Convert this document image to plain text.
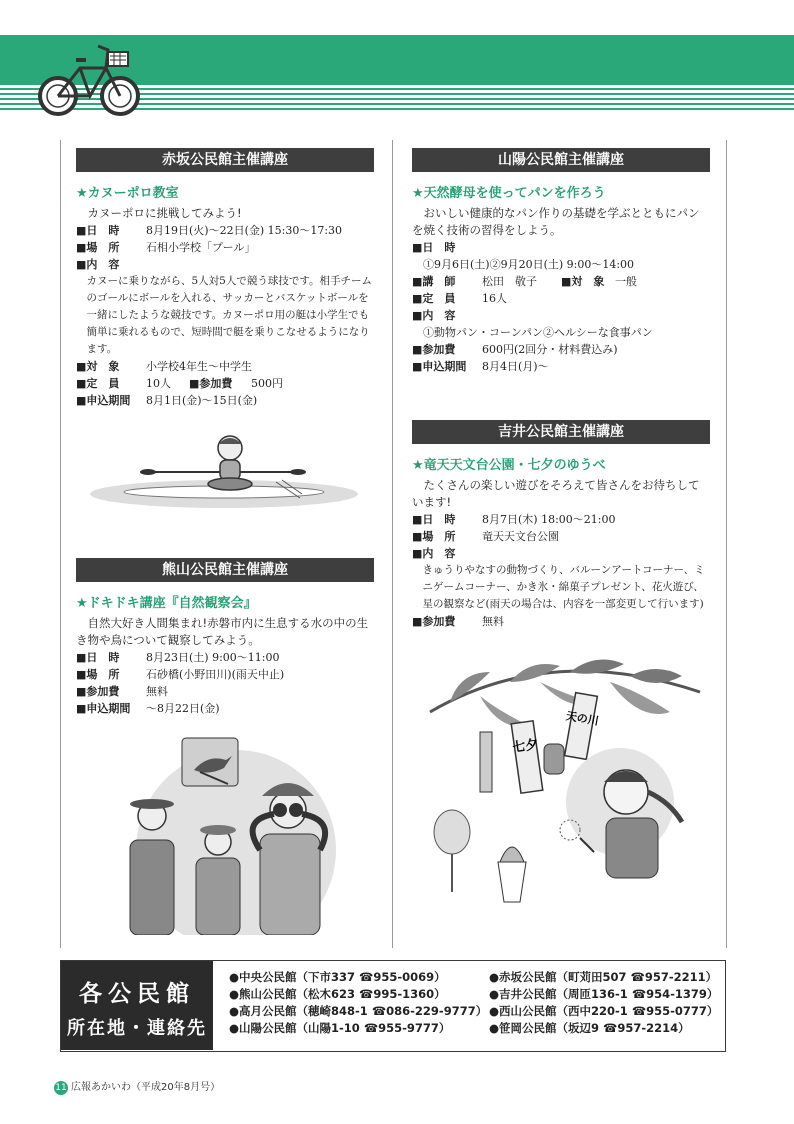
赤坂公民館主催講座
★カヌーポロ教室
カヌーポロに挑戦してみよう!
■日　時 8月19日(火)〜22日(金) 15:30〜17:30
■場　所 石相小学校「プール」
■内　容
カヌーに乗りながら、5人対5人で競う球技です。相手チームのゴールにボールを入れる、サッカーとバスケットボールを一緒にしたような競技です。カヌーポロ用の艇は小学生でも簡単に乗れるもので、短時間で艇を乗りこなせるようになります。
■対　象 小学校4年生〜中学生
■定　員 10人 ■参加費 500円
■申込期間 8月1日(金)〜15日(金)
熊山公民館主催講座
★ドキドキ講座『自然観察会』
自然大好き人間集まれ!赤磐市内に生息する水の中の生き物や鳥について観察してみよう。
■日　時 8月23日(土) 9:00〜11:00
■場　所 石砂橋(小野田川)(雨天中止)
■参加費 無料
■申込期間 〜8月22日(金)
山陽公民館主催講座
★天然酵母を使ってパンを作ろう
おいしい健康的なパン作りの基礎を学ぶとともにパンを焼く技術の習得をしよう。
■日　時
①9月6日(土)②9月20日(土) 9:00〜14:00
■講　師 松田　敬子 ■対　象 一般
■定　員 16人
■内　容
①動物パン・コーンパン②ヘルシーな食事パン
■参加費 600円(2回分・材料費込み)
■申込期間 8月4日(月)〜
吉井公民館主催講座
★竜天天文台公園・七夕のゆうべ
たくさんの楽しい遊びをそろえて皆さんをお待ちしています!
■日　時 8月7日(木) 18:00〜21:00
■場　所 竜天天文台公園
■内　容
きゅうりやなすの動物づくり、バルーンアートコーナー、ミニゲームコーナー、かき氷・綿菓子プレゼント、花火遊び、星の観察など(雨天の場合は、内容を一部変更して行います)
■参加費 無料
七夕
天の川
各公民館
所在地・連絡先
●中央公民館（下市337 ☎955-0069）
●熊山公民館（松木623 ☎995-1360）
●高月公民館（穂崎848-1 ☎086-229-9777）
●山陽公民館（山陽1-10 ☎955-9777）
●赤坂公民館（町苅田507 ☎957-2211）
●吉井公民館（周匝136-1 ☎954-1379）
●西山公民館（西中220-1 ☎955-0777）
●笹岡公民館（坂辺9 ☎957-2214）
11 広報あかいわ（平成20年8月号）
